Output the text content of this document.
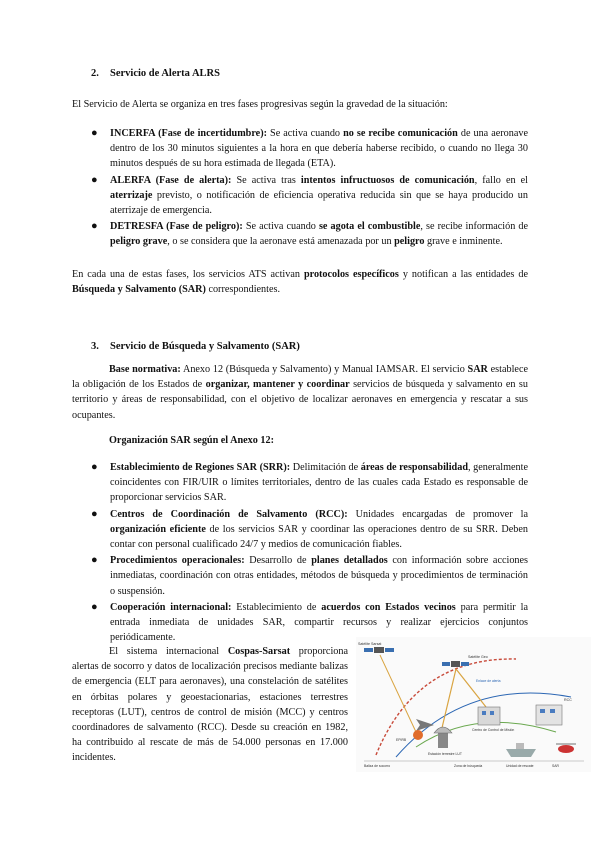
2. Servicio de Alerta ALRS

El Servicio de Alerta se organiza en tres fases progresivas según la gravedad de la situación:

● INCERFA (Fase de incertidumbre): Se activa cuando no se recibe comunicación de una aeronave dentro de los 30 minutos siguientes a la hora en que debería haberse recibido, o cuando no llega 30 minutos después de su hora estimada de llegada (ETA).
● ALERFA (Fase de alerta): Se activa tras intentos infructuosos de comunicación, fallo en el aterrizaje previsto, o notificación de eficiencia operativa reducida sin que se haya producido un aterrizaje de emergencia.
● DETRESFA (Fase de peligro): Se activa cuando se agota el combustible, se recibe información de peligro grave, o se considera que la aeronave está amenazada por un peligro grave e inminente.

En cada una de estas fases, los servicios ATS activan protocolos específicos y notifican a las entidades de Búsqueda y Salvamento (SAR) correspondientes.

3. Servicio de Búsqueda y Salvamento (SAR)

Base normativa: Anexo 12 (Búsqueda y Salvamento) y Manual IAMSAR. El servicio SAR establece la obligación de los Estados de organizar, mantener y coordinar servicios de búsqueda y salvamento en su territorio y áreas de responsabilidad, con el objetivo de localizar aeronaves en emergencia y rescatar a sus ocupantes.

Organización SAR según el Anexo 12:
● Establecimiento de Regiones SAR (SRR): Delimitación de áreas de responsabilidad, generalmente coincidentes con FIR/UIR o límites territoriales, dentro de las cuales cada Estado es responsable de proporcionar servicios SAR.
● Centros de Coordinación de Salvamento (RCC): Unidades encargadas de promover la organización eficiente de los servicios SAR y coordinar las operaciones dentro de su SRR. Deben contar con personal cualificado 24/7 y medios de comunicación fiables.
● Procedimientos operacionales: Desarrollo de planes detallados con información sobre acciones inmediatas, coordinación con otras entidades, métodos de búsqueda y procedimientos de terminación o suspensión.
● Cooperación internacional: Establecimiento de acuerdos con Estados vecinos para permitir la entrada inmediata de unidades SAR, compartir recursos y realizar ejercicios conjuntos periódicamente.

El sistema internacional Cospas-Sarsat proporciona alertas de socorro y datos de localización precisos mediante balizas de emergencia (ELT para aeronaves), una constelación de satélites en órbitas polares y geoestacionarias, estaciones terrestres receptoras (LUT), centros de control de misión (MCC) y centros coordinadores de salvamento (RCC). Desde su creación en 1982, ha contribuido al rescate de más de 54.000 personas en 17.000 incidentes.

Satélite Sarsat
Satélite Geo
Enlace de alerta
Estación terrestre LUT
Centro de Control de Misión
RCC
Baliza de socorro	Zona de búsqueda	Unidad de rescate
EPIRB
SAR
